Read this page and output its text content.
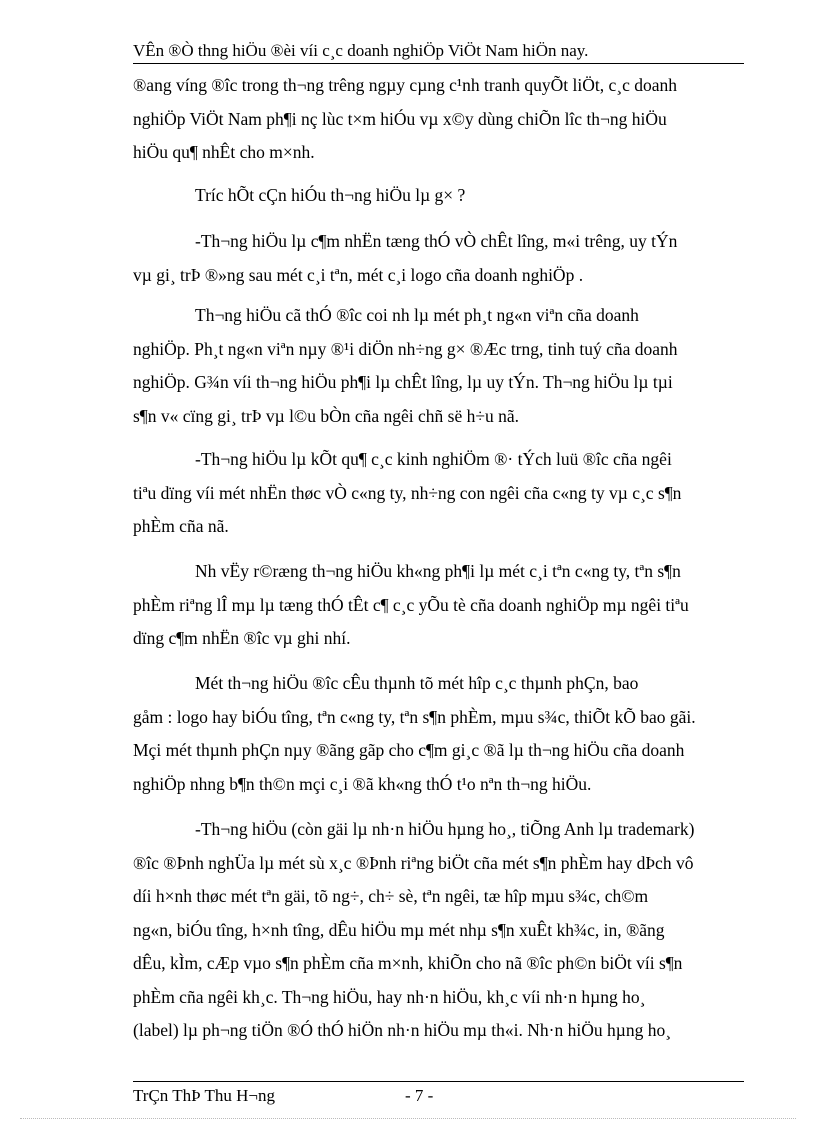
VÊn ®Ò thng hiÖu ®èi víi c¸c doanh nghiÖp ViÖt Nam hiÖn nay.

®ang víng ®îc trong th¬ng trêng ngµy cµng c¹nh tranh quyÕt liÖt, c¸c doanh
nghiÖp ViÖt Nam ph¶i nç lùc t×m hiÓu vµ x©y dùng chiÕn lîc th¬ng hiÖu
hiÖu qu¶ nhÊt cho m×nh.

Tríc hÕt cÇn hiÓu th¬ng hiÖu lµ g× ?

-Th¬ng hiÖu lµ c¶m nhËn tæng thÓ vÒ chÊt lîng, m«i trêng, uy tÝn
vµ gi¸ trÞ ®»ng sau mét c¸i tªn, mét c¸i logo cña doanh nghiÖp .

Th¬ng hiÖu cã thÓ ®îc coi nh lµ mét ph¸t ng«n viªn cña doanh
nghiÖp. Ph¸t ng«n viªn nµy ®¹i diÖn nh÷ng g× ®Æc trng, tinh tuý cña doanh
nghiÖp. G¾n víi th¬ng hiÖu ph¶i lµ chÊt lîng, lµ uy tÝn. Th¬ng hiÖu lµ tµi
s¶n v« cïng gi¸ trÞ vµ l©u bÒn cña ngêi chñ së h÷u nã.

-Th¬ng hiÖu lµ kÕt qu¶ c¸c kinh nghiÖm ®· tÝch luü ®îc cña ngêi
tiªu dïng víi mét nhËn thøc vÒ c«ng ty, nh÷ng con ngêi cña c«ng ty vµ c¸c s¶n
phÈm cña nã.

Nh vËy r©ræng th¬ng hiÖu kh«ng ph¶i lµ mét c¸i tªn c«ng ty, tªn s¶n
phÈm riªng lÎ mµ lµ tæng thÓ tÊt c¶ c¸c yÕu tè cña doanh nghiÖp mµ ngêi tiªu
dïng c¶m nhËn ®îc vµ ghi nhí.

Mét th¬ng hiÖu ®îc cÊu thµnh tõ mét hîp c¸c thµnh phÇn, bao
gåm : logo hay biÓu tîng, tªn c«ng ty, tªn s¶n phÈm, mµu s¾c, thiÕt kÕ bao gãi.
Mçi mét thµnh phÇn nµy ®ãng gãp cho c¶m gi¸c ®ã lµ th¬ng hiÖu cña doanh
nghiÖp nhng b¶n th©n mçi c¸i ®ã kh«ng thÓ t¹o nªn th¬ng hiÖu.

-Th¬ng hiÖu (còn gäi lµ nh·n hiÖu hµng ho¸, tiÕng Anh lµ trademark)
®îc ®Þnh nghÜa lµ mét sù x¸c ®Þnh riªng biÖt cña mét s¶n phÈm hay dÞch vô
díi h×nh thøc mét tªn gäi, tõ ng÷, ch÷ sè, tªn ngêi, tæ hîp mµu s¾c, ch©m
ng«n, biÓu tîng, h×nh tîng, dÊu hiÖu mµ mét nhµ s¶n xuÊt kh¾c, in, ®ãng
dÊu, kÌm, cÆp vµo s¶n phÈm cña m×nh, khiÕn cho nã ®îc ph©n biÖt víi s¶n
phÈm cña ngêi kh¸c. Th¬ng hiÖu, hay nh·n hiÖu, kh¸c víi nh·n hµng ho¸
(label) lµ ph¬ng tiÖn ®Ó thÓ hiÖn nh·n hiÖu mµ th«i. Nh·n hiÖu hµng ho¸

TrÇn ThÞ Thu H¬ng	- 7 -
